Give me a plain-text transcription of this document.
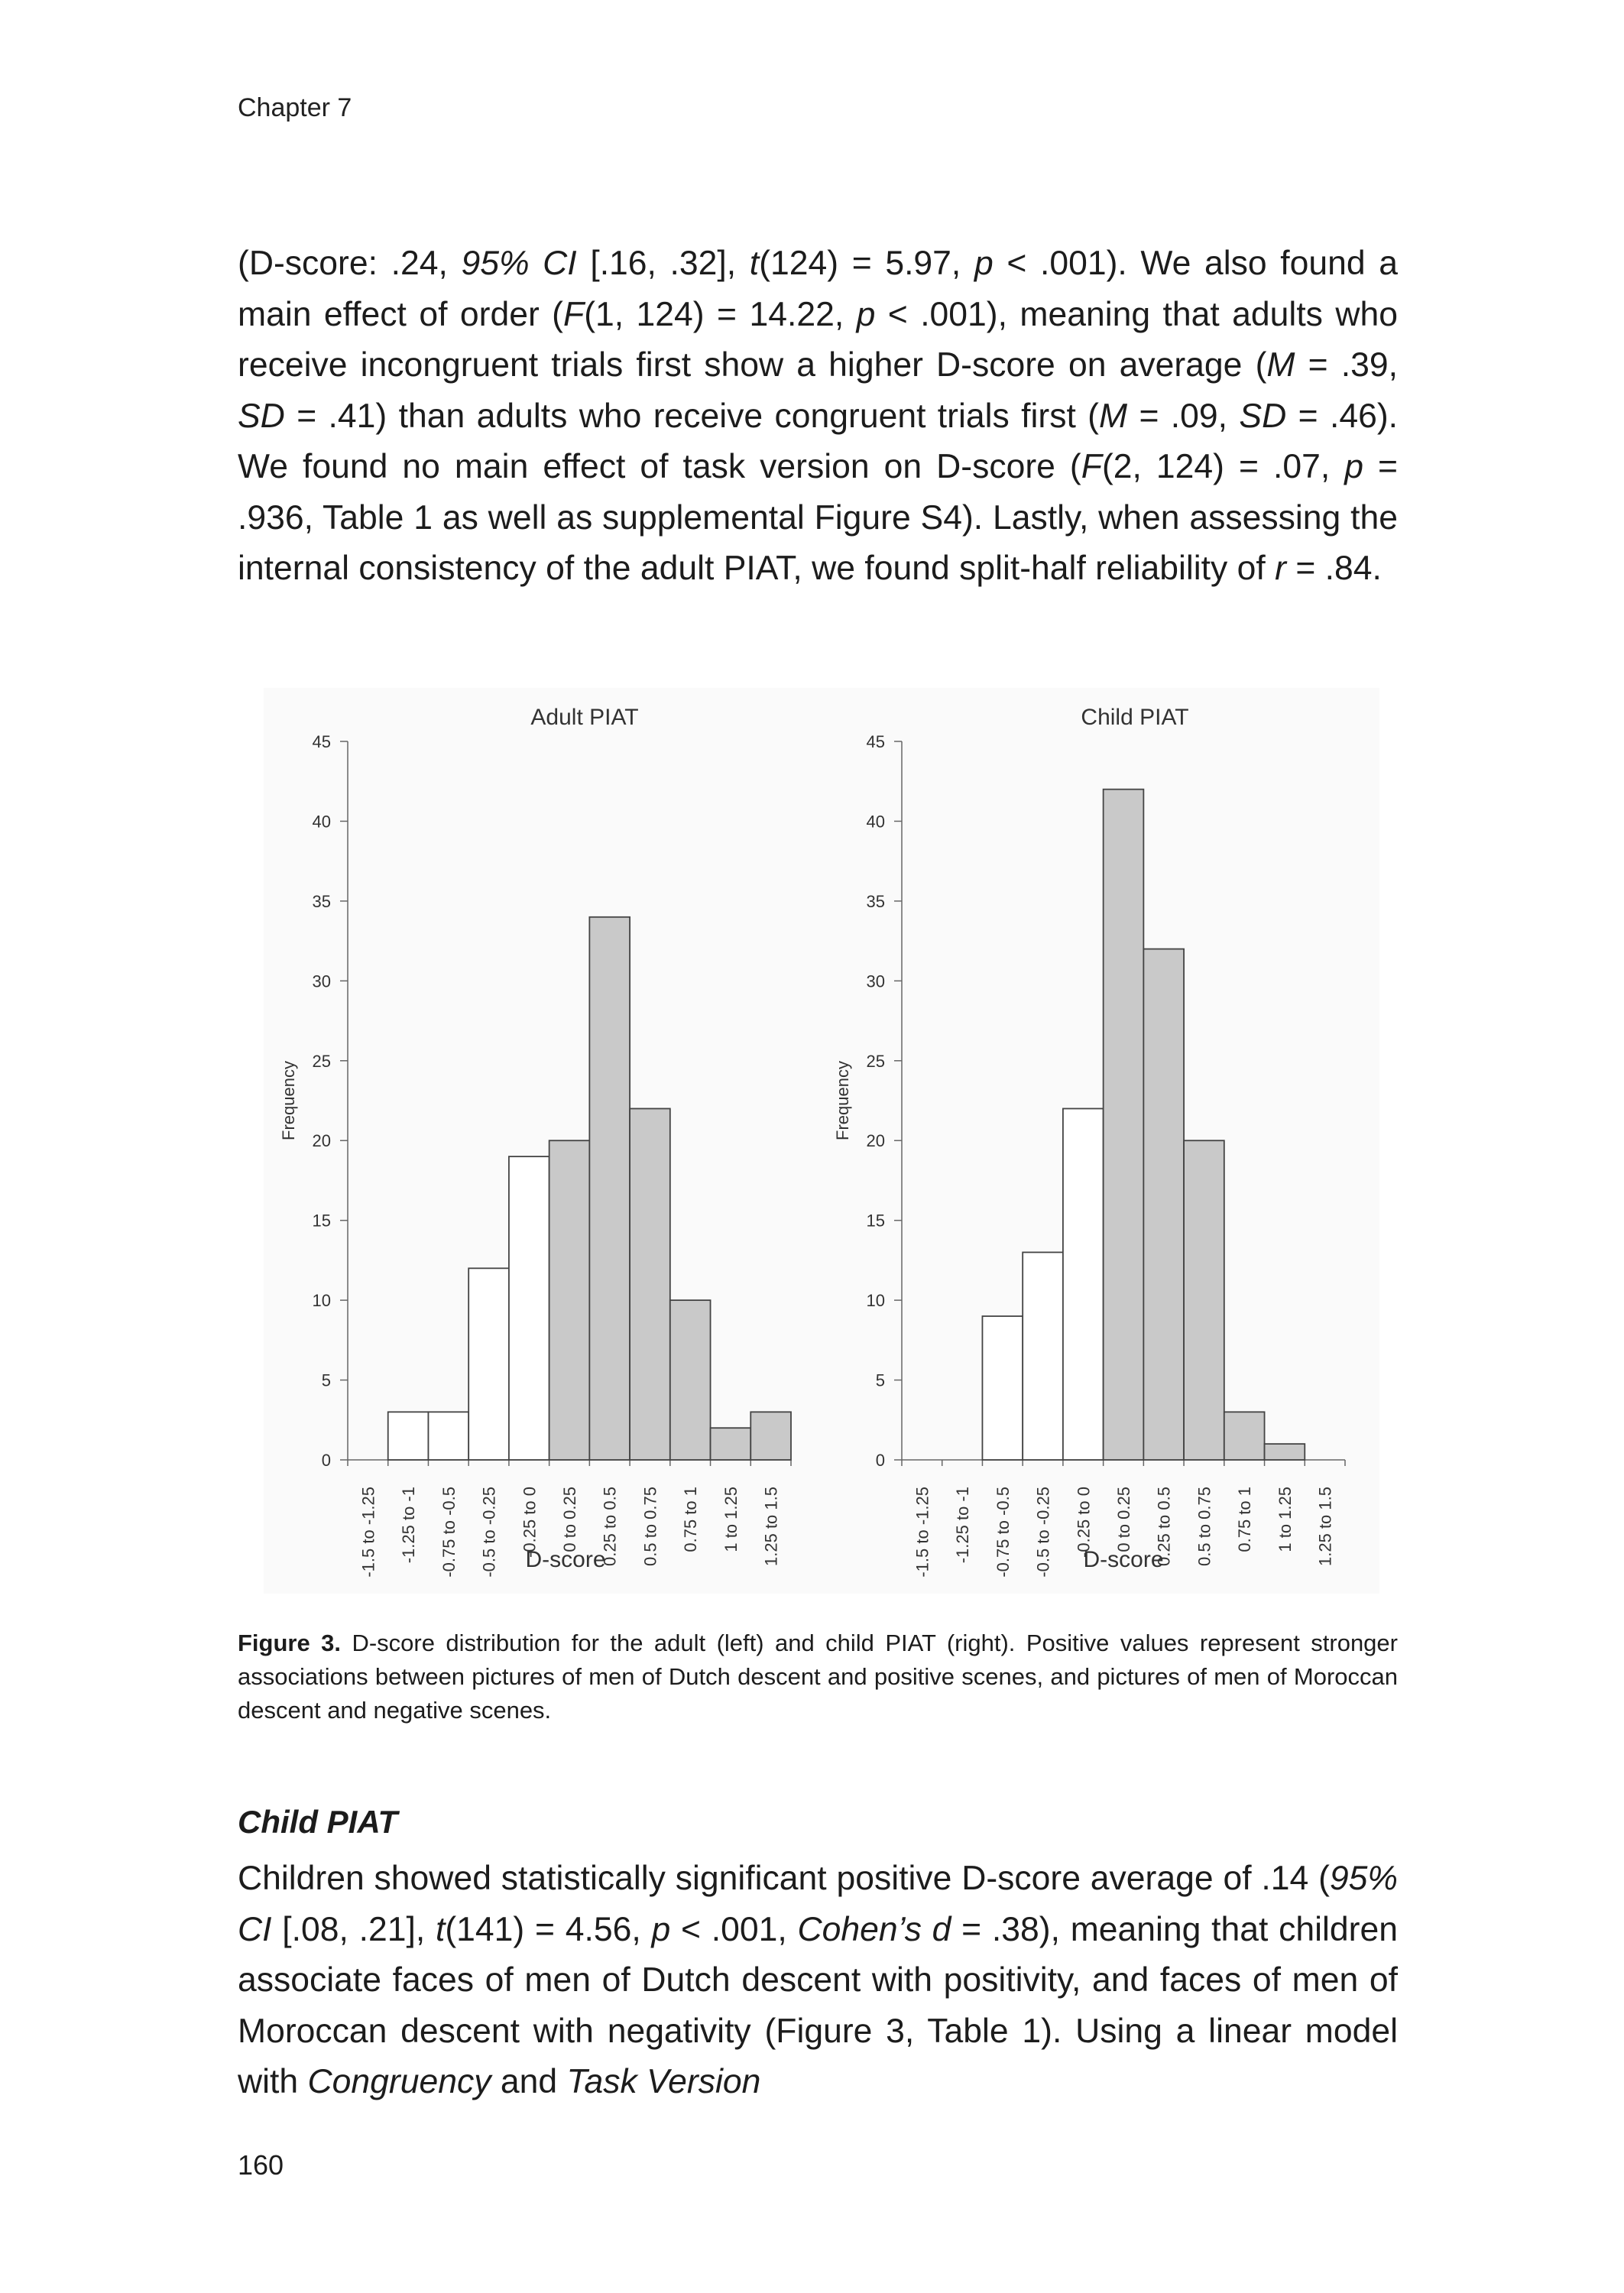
Chapter 7

(D-score: .24, 95% CI [.16, .32], t(124) = 5.97, p < .001). We also found a main effect of order (F(1, 124) = 14.22, p < .001), meaning that adults who receive incongruent trials first show a higher D-score on average (M = .39, SD = .41) than adults who receive congruent trials first (M = .09, SD = .46). We found no main effect of task version on D-score (F(2, 124) = .07, p = .936, Table 1 as well as supplemental Figure S4). Lastly, when assessing the internal consistency of the adult PIAT, we found split-half reliability of r = .84.

Adult PIAT
Frequency
0
5
10
15
20
25
30
35
40
45
-1.5 to -1.25 -1.25 to -1 -0.75 to -0.5 -0.5 to -0.25 -0.25 to 0 0 to 0.25 0.25 to 0.5 0.5 to 0.75 0.75 to 1 1 to 1.25 1.25 to 1.5
D-score
Child PIAT
Frequency
0
5
10
15
20
25
30
35
40
45
-1.5 to -1.25 -1.25 to -1 -0.75 to -0.5 -0.5 to -0.25 -0.25 to 0 0 to 0.25 0.25 to 0.5 0.5 to 0.75 0.75 to 1 1 to 1.25 1.25 to 1.5
D-score

Figure 3. D-score distribution for the adult (left) and child PIAT (right). Positive values represent stronger associations between pictures of men of Dutch descent and positive scenes, and pictures of men of Moroccan descent and negative scenes.

Child PIAT

Children showed statistically significant positive D-score average of .14 (95% CI [.08, .21], t(141) = 4.56, p < .001, Cohen’s d = .38), meaning that children associate faces of men of Dutch descent with positivity, and faces of men of Moroccan descent with negativity (Figure 3, Table 1). Using a linear model with Congruency and Task Version

160
